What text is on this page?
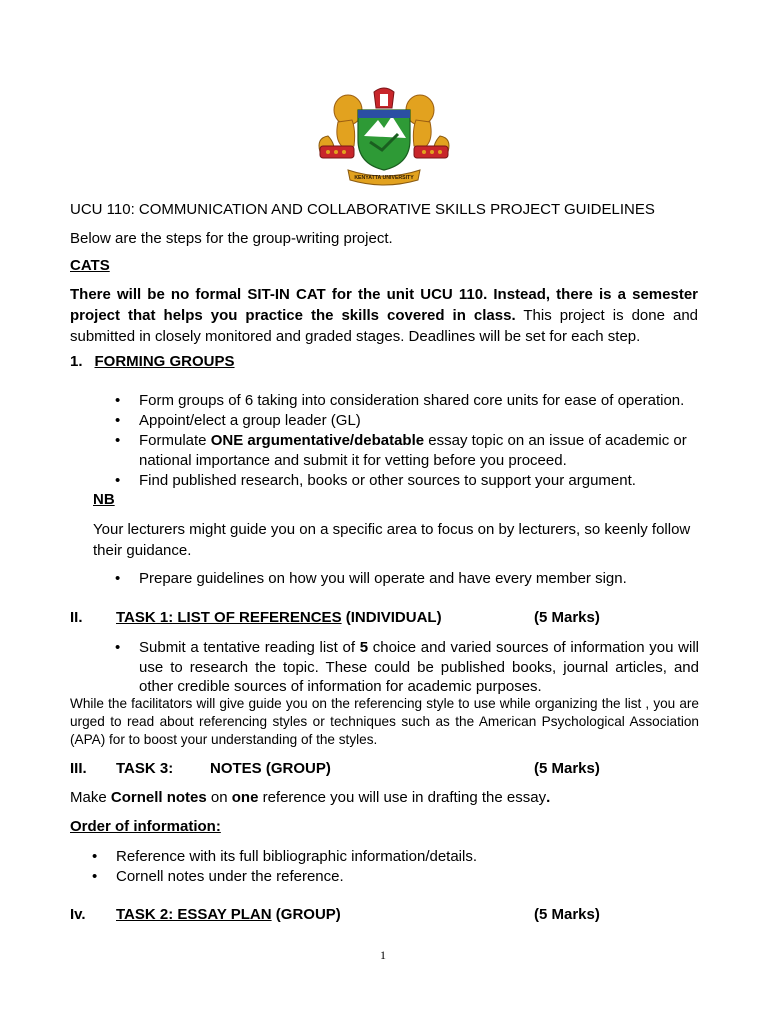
KENYATTA UNIVERSITY

UCU 110: COMMUNICATION AND COLLABORATIVE SKILLS PROJECT GUIDELINES

Below are the steps for the group-writing project.

CATS

There will be no formal SIT-IN CAT for the unit UCU 110. Instead, there is a semester project that helps you practice the skills covered in class. This project is done and submitted in closely monitored and graded stages. Deadlines will be set for each step.

1. FORMING GROUPS

• Form groups of 6 taking into consideration shared core units for ease of operation.
• Appoint/elect a group leader (GL)
• Formulate ONE argumentative/debatable essay topic on an issue of academic or national importance and submit it for vetting before you proceed.
• Find published research, books or other sources to support your argument.

NB

Your lecturers might guide you on a specific area to focus on by lecturers, so keenly follow their guidance.

• Prepare guidelines on how you will operate and have every member sign.
II. TASK 1: LIST OF REFERENCES (INDIVIDUAL)	(5 Marks)
• Submit a tentative reading list of 5 choice and varied sources of information you will use to research the topic. These could be published books, journal articles, and other credible sources of information for academic purposes.

While the facilitators will give guide you on the referencing style to use while organizing the list , you are urged to read about referencing styles or techniques such as the American Psychological Association (APA) for to boost your understanding of the styles.

III. TASK 3: NOTES (GROUP)	(5 Marks)

Make Cornell notes on one reference you will use in drafting the essay.

Order of information:

• Reference with its full bibliographic information/details.
• Cornell notes under the reference.
Iv. TASK 2: ESSAY PLAN (GROUP)	(5 Marks)
1
